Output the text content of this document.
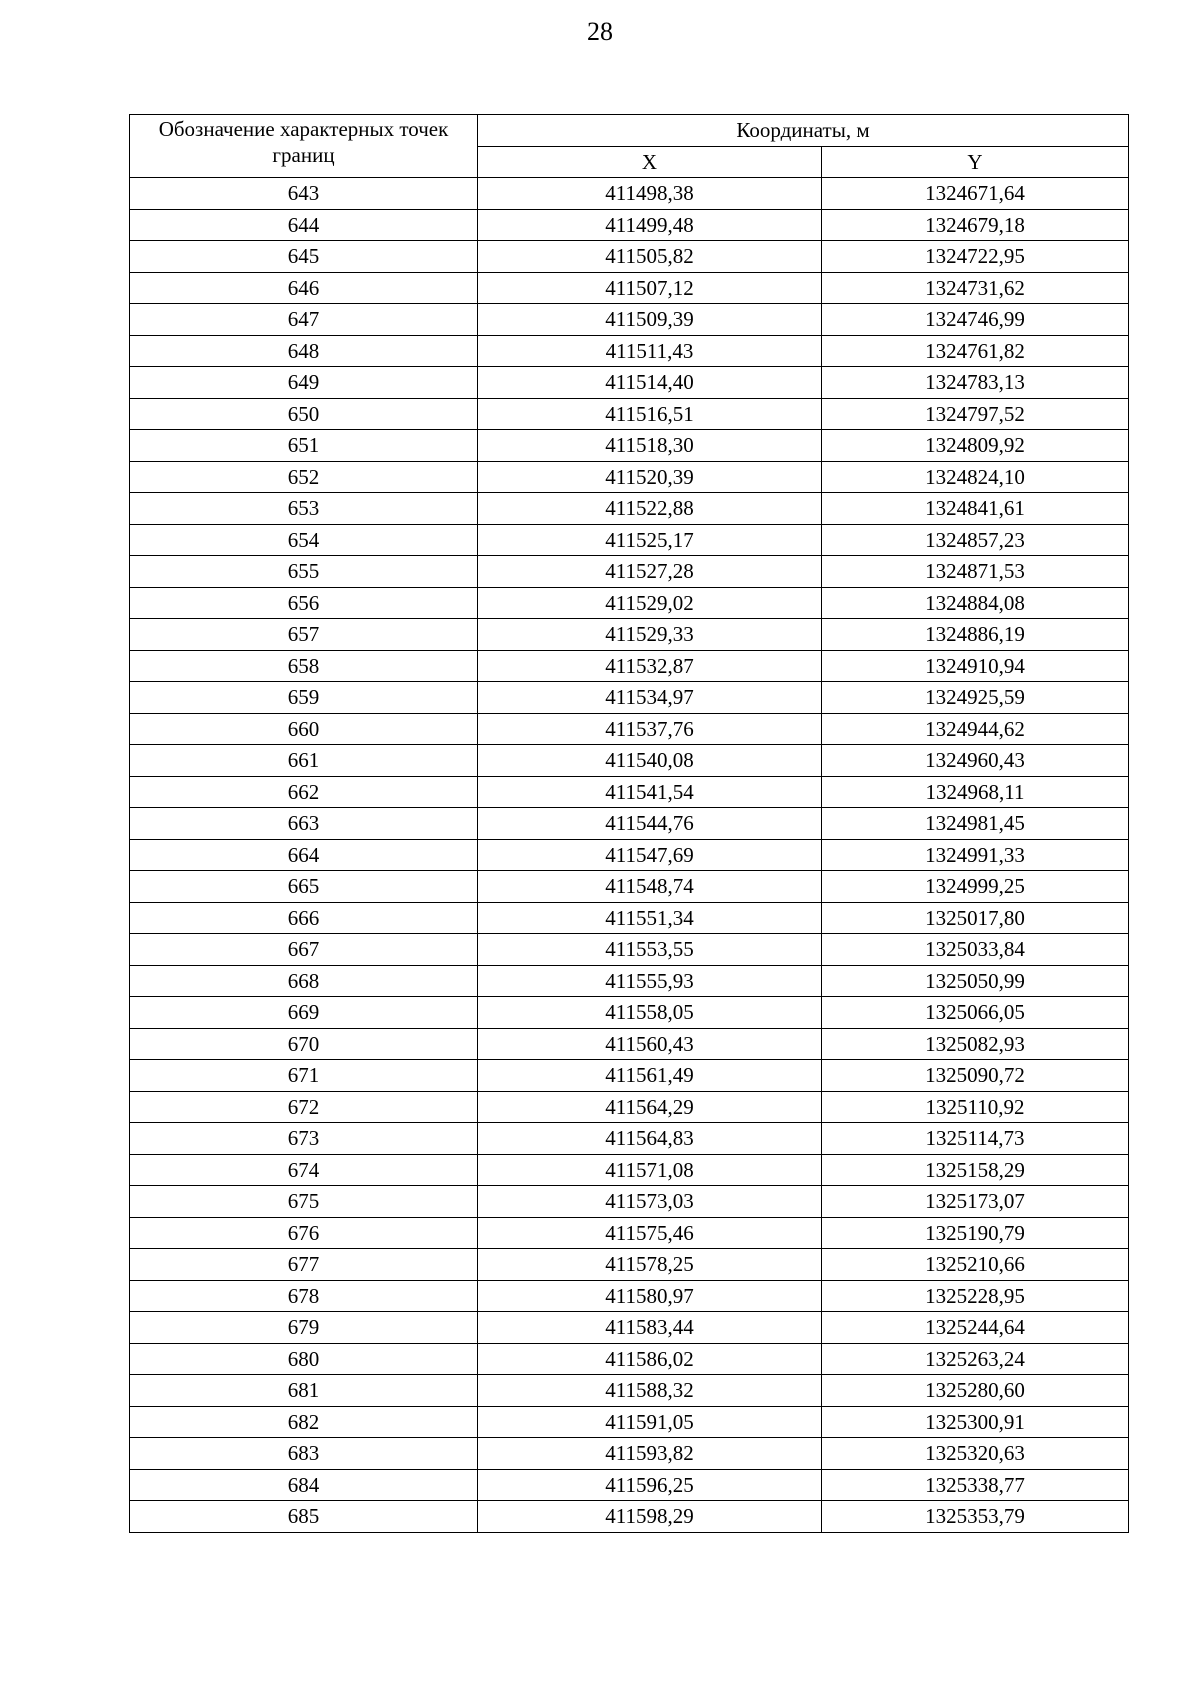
28
Обозначение характерных точек границ	Координаты, м	
	X	Y
643	411498,38	1324671,64
644	411499,48	1324679,18
645	411505,82	1324722,95
646	411507,12	1324731,62
647	411509,39	1324746,99
648	411511,43	1324761,82
649	411514,40	1324783,13
650	411516,51	1324797,52
651	411518,30	1324809,92
652	411520,39	1324824,10
653	411522,88	1324841,61
654	411525,17	1324857,23
655	411527,28	1324871,53
656	411529,02	1324884,08
657	411529,33	1324886,19
658	411532,87	1324910,94
659	411534,97	1324925,59
660	411537,76	1324944,62
661	411540,08	1324960,43
662	411541,54	1324968,11
663	411544,76	1324981,45
664	411547,69	1324991,33
665	411548,74	1324999,25
666	411551,34	1325017,80
667	411553,55	1325033,84
668	411555,93	1325050,99
669	411558,05	1325066,05
670	411560,43	1325082,93
671	411561,49	1325090,72
672	411564,29	1325110,92
673	411564,83	1325114,73
674	411571,08	1325158,29
675	411573,03	1325173,07
676	411575,46	1325190,79
677	411578,25	1325210,66
678	411580,97	1325228,95
679	411583,44	1325244,64
680	411586,02	1325263,24
681	411588,32	1325280,60
682	411591,05	1325300,91
683	411593,82	1325320,63
684	411596,25	1325338,77
685	411598,29	1325353,79
